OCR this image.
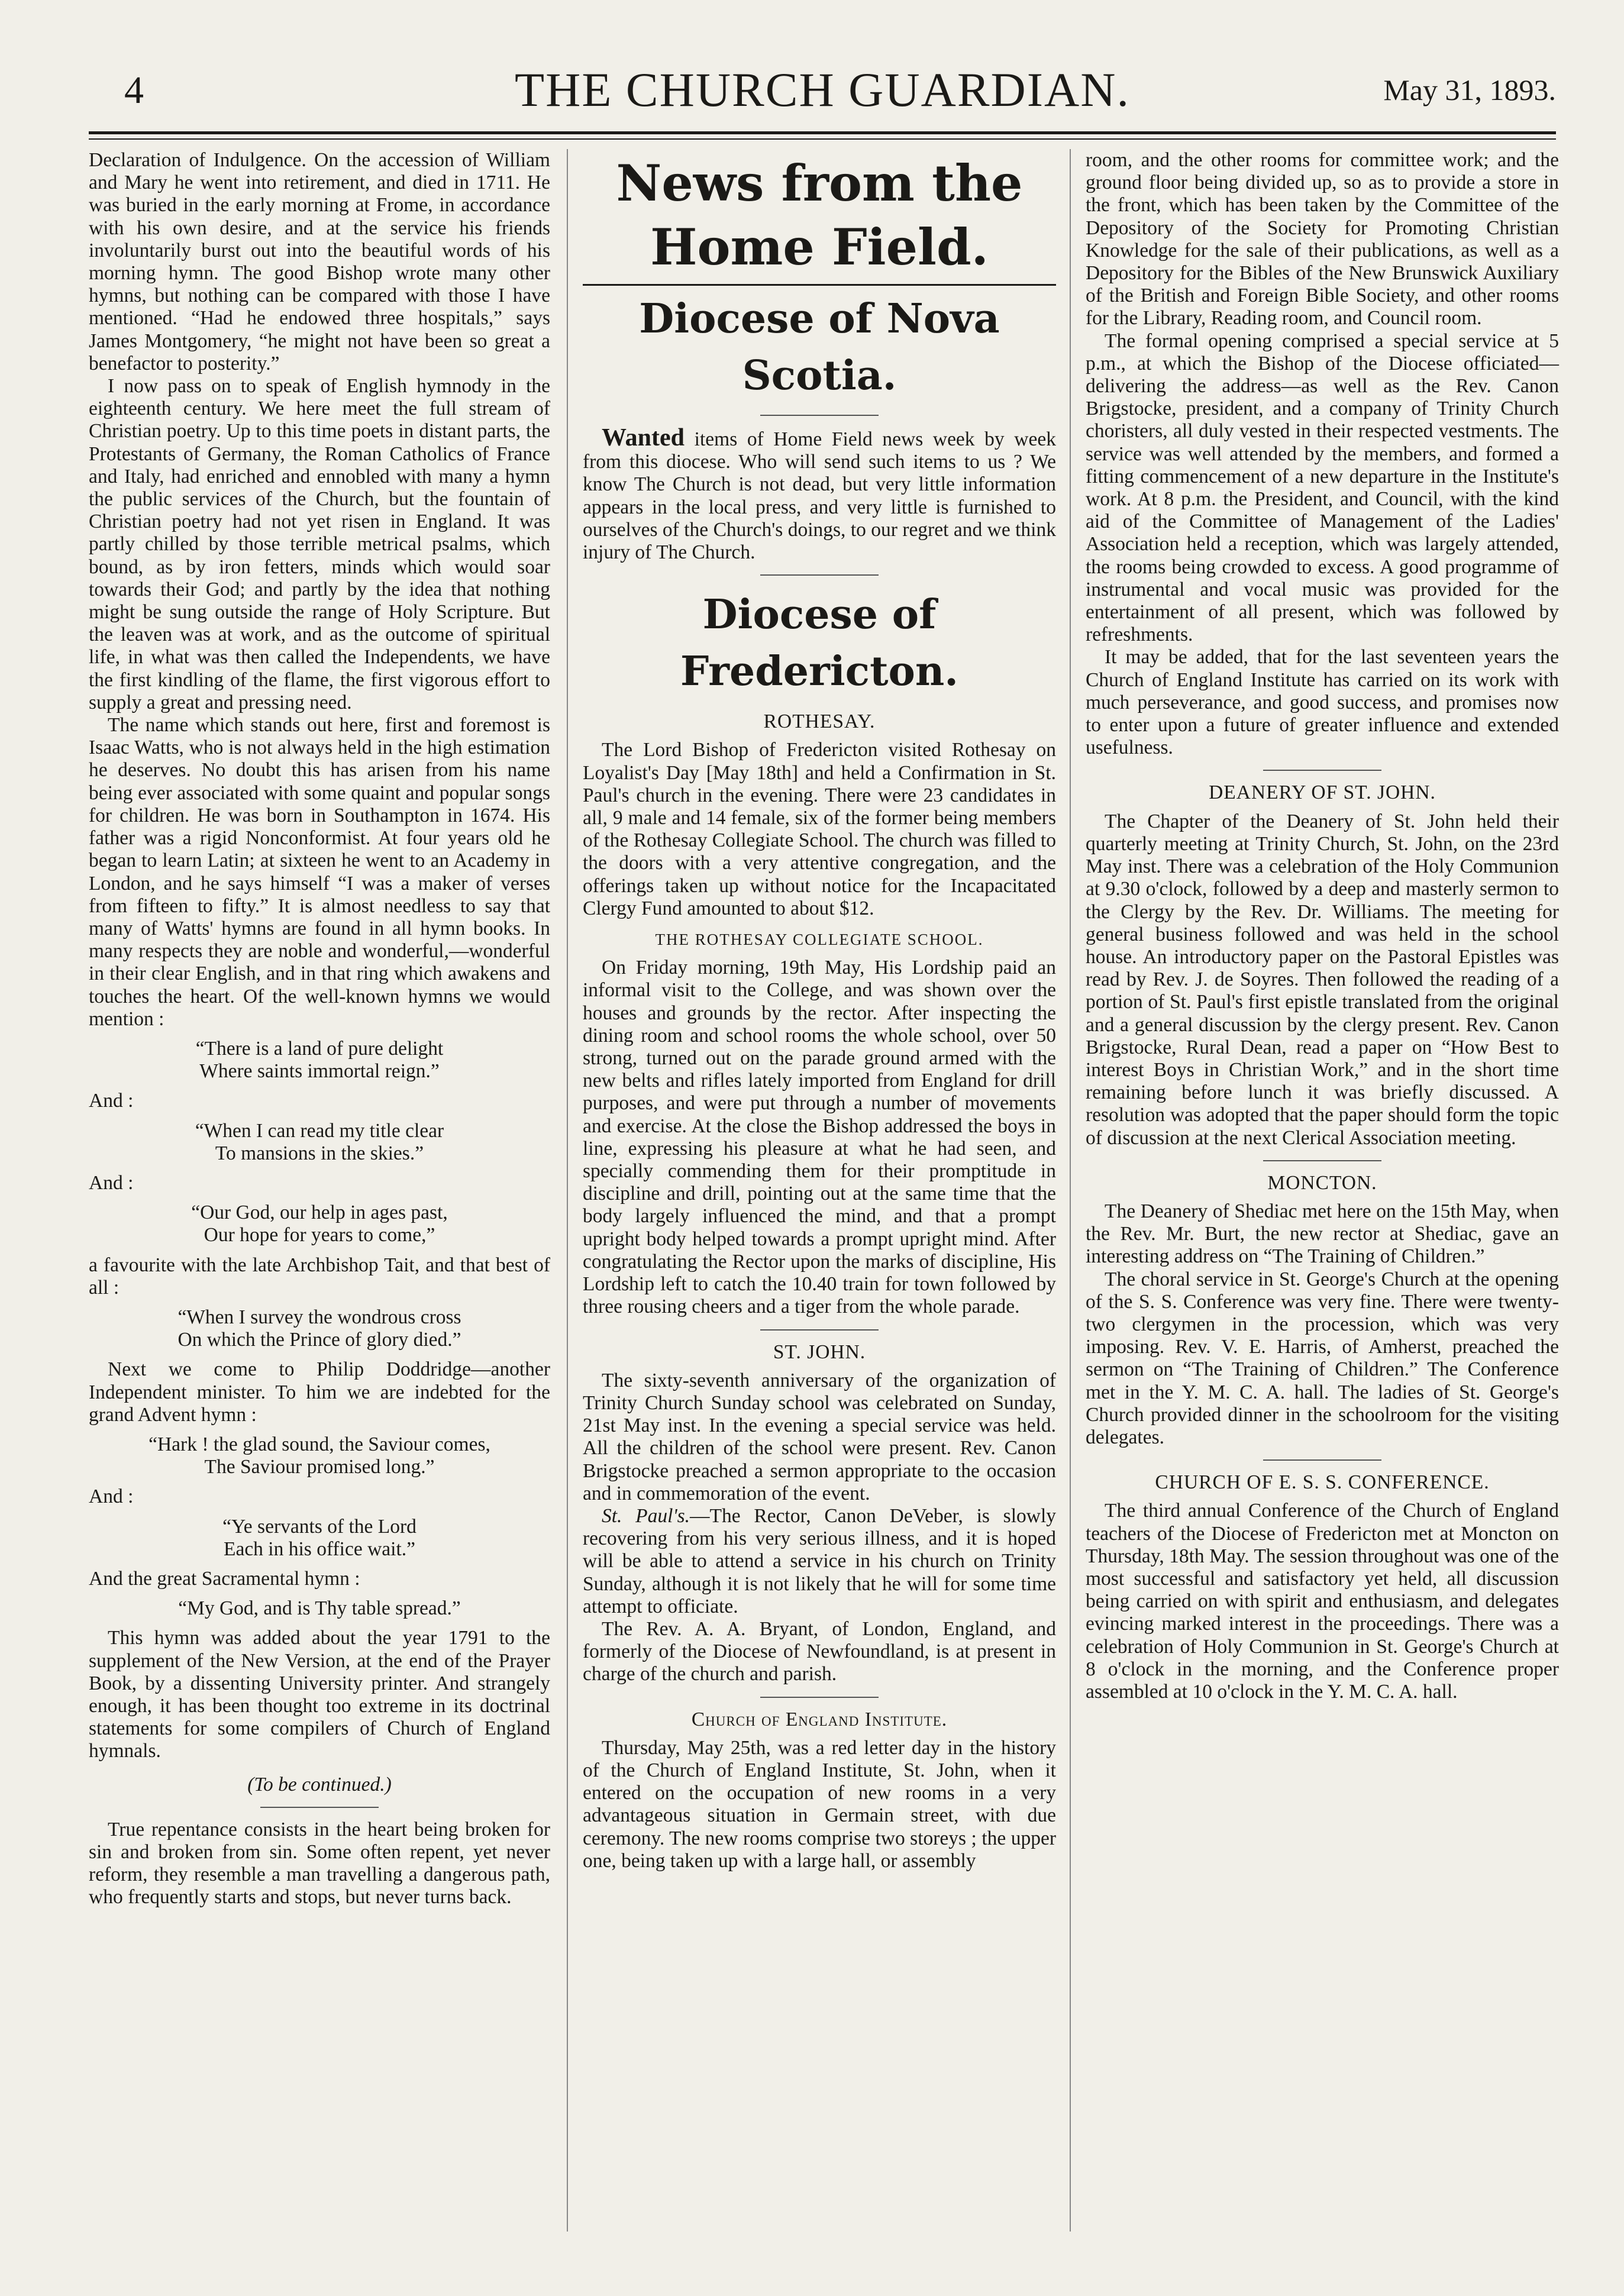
4	THE CHURCH GUARDIAN.	May 31, 1893.

Declaration of Indulgence. On the accession of William and Mary he went into retirement, and died in 1711. He was buried in the early morning at Frome, in accordance with his own desire, and at the service his friends involuntarily burst out into the beautiful words of his morning hymn. The good Bishop wrote many other hymns, but nothing can be compared with those I have mentioned. “Had he endowed three hospitals,” says James Montgomery, “he might not have been so great a benefactor to posterity.”

I now pass on to speak of English hymnody in the eighteenth century. We here meet the full stream of Christian poetry. Up to this time poets in distant parts, the Protestants of Germany, the Roman Catholics of France and Italy, had enriched and ennobled with many a hymn the public services of the Church, but the fountain of Christian poetry had not yet risen in England. It was partly chilled by those terrible metrical psalms, which bound, as by iron fetters, minds which would soar towards their God; and partly by the idea that nothing might be sung outside the range of Holy Scripture. But the leaven was at work, and as the outcome of spiritual life, in what was then called the Independents, we have the first kindling of the flame, the first vigorous effort to supply a great and pressing need.

The name which stands out here, first and foremost is Isaac Watts, who is not always held in the high estimation he deserves. No doubt this has arisen from his name being ever associated with some quaint and popular songs for children. He was born in Southampton in 1674. His father was a rigid Nonconformist. At four years old he began to learn Latin; at sixteen he went to an Academy in London, and he says himself “I was a maker of verses from fifteen to fifty.” It is almost needless to say that many of Watts' hymns are found in all hymn books. In many respects they are noble and wonderful,—wonderful in their clear English, and in that ring which awakens and touches the heart. Of the well-known hymns we would mention :

“There is a land of pure delight
Where saints immortal reign.”

And :

“When I can read my title clear
To mansions in the skies.”

And :

“Our God, our help in ages past,
Our hope for years to come,”

a favourite with the late Archbishop Tait, and that best of all :

“When I survey the wondrous cross
On which the Prince of glory died.”

Next we come to Philip Doddridge—another Independent minister. To him we are indebted for the grand Advent hymn :

“Hark ! the glad sound, the Saviour comes,
The Saviour promised long.”

And :

“Ye servants of the Lord
Each in his office wait.”

And the great Sacramental hymn :

“My God, and is Thy table spread.”

This hymn was added about the year 1791 to the supplement of the New Version, at the end of the Prayer Book, by a dissenting University printer. And strangely enough, it has been thought too extreme in its doctrinal statements for some compilers of Church of England hymnals.

(To be continued.)

True repentance consists in the heart being broken for sin and broken from sin. Some often repent, yet never reform, they resemble a man travelling a dangerous path, who frequently starts and stops, but never turns back.

News from the Home Field.
Diocese of Nova Scotia.

Wanted items of Home Field news week by week from this diocese. Who will send such items to us ? We know The Church is not dead, but very little information appears in the local press, and very little is furnished to ourselves of the Church's doings, to our regret and we think injury of The Church.

Diocese of Fredericton.
ROTHESAY.

The Lord Bishop of Fredericton visited Rothesay on Loyalist's Day [May 18th] and held a Confirmation in St. Paul's church in the evening. There were 23 candidates in all, 9 male and 14 female, six of the former being members of the Rothesay Collegiate School. The church was filled to the doors with a very attentive congregation, and the offerings taken up without notice for the Incapacitated Clergy Fund amounted to about $12.

THE ROTHESAY COLLEGIATE SCHOOL.

On Friday morning, 19th May, His Lordship paid an informal visit to the College, and was shown over the houses and grounds by the rector. After inspecting the dining room and school rooms the whole school, over 50 strong, turned out on the parade ground armed with the new belts and rifles lately imported from England for drill purposes, and were put through a number of movements and exercise. At the close the Bishop addressed the boys in line, expressing his pleasure at what he had seen, and specially commending them for their promptitude in discipline and drill, pointing out at the same time that the body largely influenced the mind, and that a prompt upright body helped towards a prompt upright mind. After congratulating the Rector upon the marks of discipline, His Lordship left to catch the 10.40 train for town followed by three rousing cheers and a tiger from the whole parade.

ST. JOHN.

The sixty-seventh anniversary of the organization of Trinity Church Sunday school was celebrated on Sunday, 21st May inst. In the evening a special service was held. All the children of the school were present. Rev. Canon Brigstocke preached a sermon appropriate to the occasion and in commemoration of the event.

St. Paul's.—The Rector, Canon DeVeber, is slowly recovering from his very serious illness, and it is hoped will be able to attend a service in his church on Trinity Sunday, although it is not likely that he will for some time attempt to officiate.

The Rev. A. A. Bryant, of London, England, and formerly of the Diocese of Newfoundland, is at present in charge of the church and parish.

Church of England Institute.

Thursday, May 25th, was a red letter day in the history of the Church of England Institute, St. John, when it entered on the occupation of new rooms in a very advantageous situation in Germain street, with due ceremony. The new rooms comprise two storeys ; the upper one, being taken up with a large hall, or assembly

room, and the other rooms for committee work; and the ground floor being divided up, so as to provide a store in the front, which has been taken by the Committee of the Depository of the Society for Promoting Christian Knowledge for the sale of their publications, as well as a Depository for the Bibles of the New Brunswick Auxiliary of the British and Foreign Bible Society, and other rooms for the Library, Reading room, and Council room.

The formal opening comprised a special service at 5 p.m., at which the Bishop of the Diocese officiated—delivering the address—as well as the Rev. Canon Brigstocke, president, and a company of Trinity Church choristers, all duly vested in their respected vestments. The service was well attended by the members, and formed a fitting commencement of a new departure in the Institute's work. At 8 p.m. the President, and Council, with the kind aid of the Committee of Management of the Ladies' Association held a reception, which was largely attended, the rooms being crowded to excess. A good programme of instrumental and vocal music was provided for the entertainment of all present, which was followed by refreshments.

It may be added, that for the last seventeen years the Church of England Institute has carried on its work with much perseverance, and good success, and promises now to enter upon a future of greater influence and extended usefulness.

DEANERY OF ST. JOHN.

The Chapter of the Deanery of St. John held their quarterly meeting at Trinity Church, St. John, on the 23rd May inst. There was a celebration of the Holy Communion at 9.30 o'clock, followed by a deep and masterly sermon to the Clergy by the Rev. Dr. Williams. The meeting for general business followed and was held in the school house. An introductory paper on the Pastoral Epistles was read by Rev. J. de Soyres. Then followed the reading of a portion of St. Paul's first epistle translated from the original and a general discussion by the clergy present. Rev. Canon Brigstocke, Rural Dean, read a paper on “How Best to interest Boys in Christian Work,” and in the short time remaining before lunch it was briefly discussed. A resolution was adopted that the paper should form the topic of discussion at the next Clerical Association meeting.

MONCTON.

The Deanery of Shediac met here on the 15th May, when the Rev. Mr. Burt, the new rector at Shediac, gave an interesting address on “The Training of Children.”

The choral service in St. George's Church at the opening of the S. S. Conference was very fine. There were twenty-two clergymen in the procession, which was very imposing. Rev. V. E. Harris, of Amherst, preached the sermon on “The Training of Children.” The Conference met in the Y. M. C. A. hall. The ladies of St. George's Church provided dinner in the schoolroom for the visiting delegates.

CHURCH OF E. S. S. CONFERENCE.

The third annual Conference of the Church of England teachers of the Diocese of Fredericton met at Moncton on Thursday, 18th May. The session throughout was one of the most successful and satisfactory yet held, all discussion being carried on with spirit and enthusiasm, and delegates evincing marked interest in the proceedings. There was a celebration of Holy Communion in St. George's Church at 8 o'clock in the morning, and the Conference proper assembled at 10 o'clock in the Y. M. C. A. hall.
